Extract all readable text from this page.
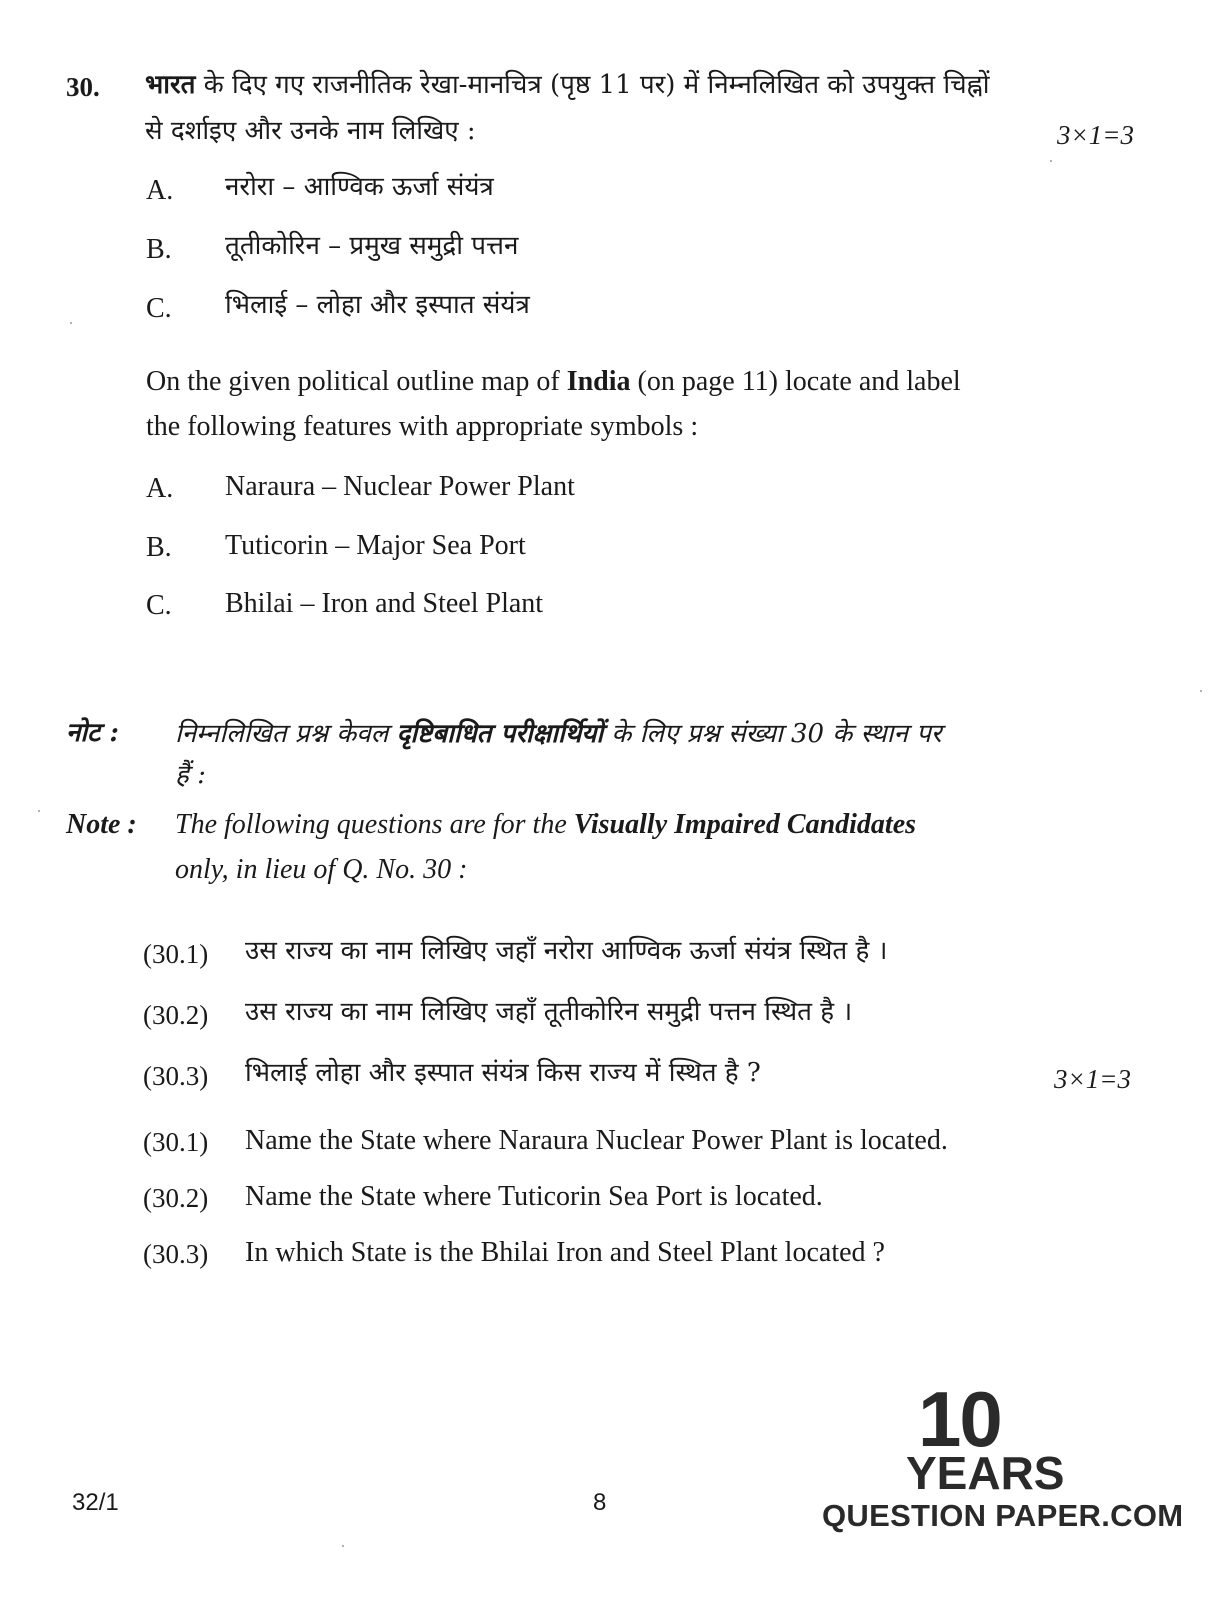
30. भारत के दिए गए राजनीतिक रेखा-मानचित्र (पृष्ठ 11 पर) में निम्नलिखित को उपयुक्त चिह्नों
से दर्शाइए और उनके नाम लिखिए :	3×1=3
A. नरोरा – आण्विक ऊर्जा संयंत्र
B. तूतीकोरिन – प्रमुख समुद्री पत्तन
C. भिलाई – लोहा और इस्पात संयंत्र
On the given political outline map of India (on page 11) locate and label
the following features with appropriate symbols :
A. Naraura – Nuclear Power Plant
B. Tuticorin – Major Sea Port
C. Bhilai – Iron and Steel Plant
नोट : निम्नलिखित प्रश्न केवल दृष्टिबाधित परीक्षार्थियों के लिए प्रश्न संख्या 30 के स्थान पर
हैं :
Note : The following questions are for the Visually Impaired Candidates
only, in lieu of Q. No. 30 :
(30.1) उस राज्य का नाम लिखिए जहाँ नरोरा आण्विक ऊर्जा संयंत्र स्थित है ।
(30.2) उस राज्य का नाम लिखिए जहाँ तूतीकोरिन समुद्री पत्तन स्थित है ।
(30.3) भिलाई लोहा और इस्पात संयंत्र किस राज्य में स्थित है ?	3×1=3
(30.1) Name the State where Naraura Nuclear Power Plant is located.
(30.2) Name the State where Tuticorin Sea Port is located.
(30.3) In which State is the Bhilai Iron and Steel Plant located ?
32/1	8
10
YEARS
QUESTION PAPER.COM
